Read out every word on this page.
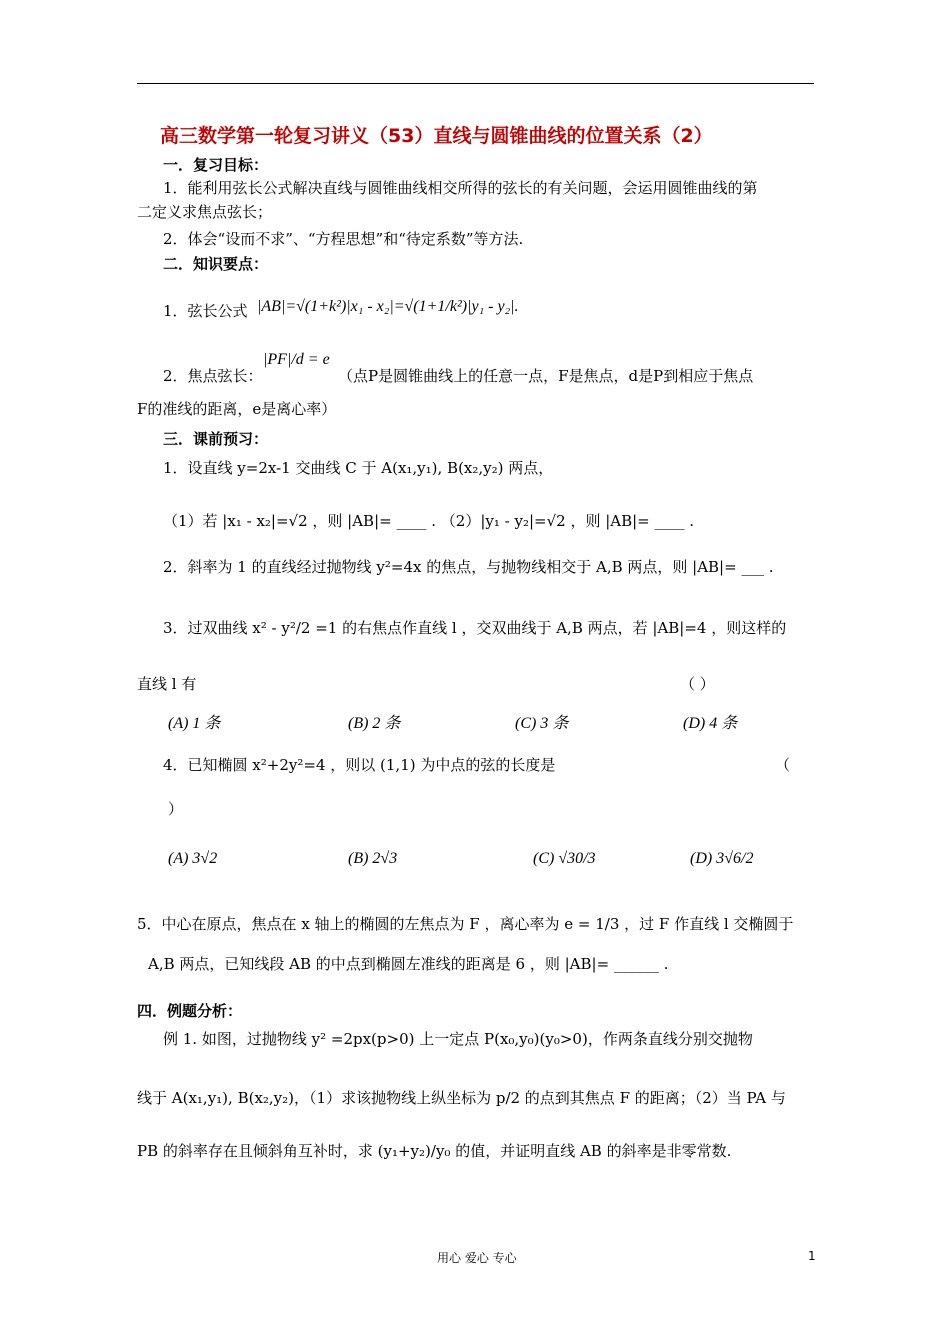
高三数学第一轮复习讲义（53）直线与圆锥曲线的位置关系（2）
一．复习目标：
1．能利用弦长公式解决直线与圆锥曲线相交所得的弦长的有关问题，会运用圆锥曲线的第
二定义求焦点弦长；
2．体会“设而不求”、“方程思想”和“待定系数”等方法.
二．知识要点：
1．弦长公式 |AB|=√(1+k²)|x₁ - x₂|=√(1+1/k²)|y₁ - y₂|.
2．焦点弦长：
|PF|/d = e
（点P是圆锥曲线上的任意一点，F是焦点，d是P到相应于焦点
F的准线的距离，e是离心率）
三．课前预习：
1．设直线 y=2x-1 交曲线 C 于 A(x₁,y₁), B(x₂,y₂) 两点，
（1）若 |x₁ - x₂|=√2 ，则 |AB|= ____ . （2）|y₁ - y₂|=√2 ，则 |AB|= ____ .
2．斜率为 1 的直线经过抛物线 y²=4x 的焦点，与抛物线相交于 A,B 两点，则 |AB|= ___ .
3．过双曲线 x² - y²/2 =1 的右焦点作直线 l ，交双曲线于 A,B 两点，若 |AB|=4 ，则这样的
直线 l 有	（ ）
(A) 1 条	(B) 2 条	(C) 3 条	(D) 4 条
4．已知椭圆 x²+2y²=4 ，则以 (1,1) 为中点的弦的长度是	（
）
(A) 3√2	(B) 2√3	(C) √30/3	(D) 3√6/2
5．中心在原点，焦点在 x 轴上的椭圆的左焦点为 F ，离心率为 e = 1/3 ，过 F 作直线 l 交椭圆于
A,B 两点，已知线段 AB 的中点到椭圆左准线的距离是 6 ，则 |AB|= ______ .
四．例题分析：
例 1. 如图，过抛物线 y² =2px(p>0) 上一定点 P(x₀,y₀)(y₀>0)，作两条直线分别交抛物
线于 A(x₁,y₁), B(x₂,y₂)，（1）求该抛物线上纵坐标为 p/2 的点到其焦点 F 的距离；（2）当 PA 与
PB 的斜率存在且倾斜角互补时，求 (y₁+y₂)/y₀ 的值，并证明直线 AB 的斜率是非零常数.
用心 爱心 专心	1
